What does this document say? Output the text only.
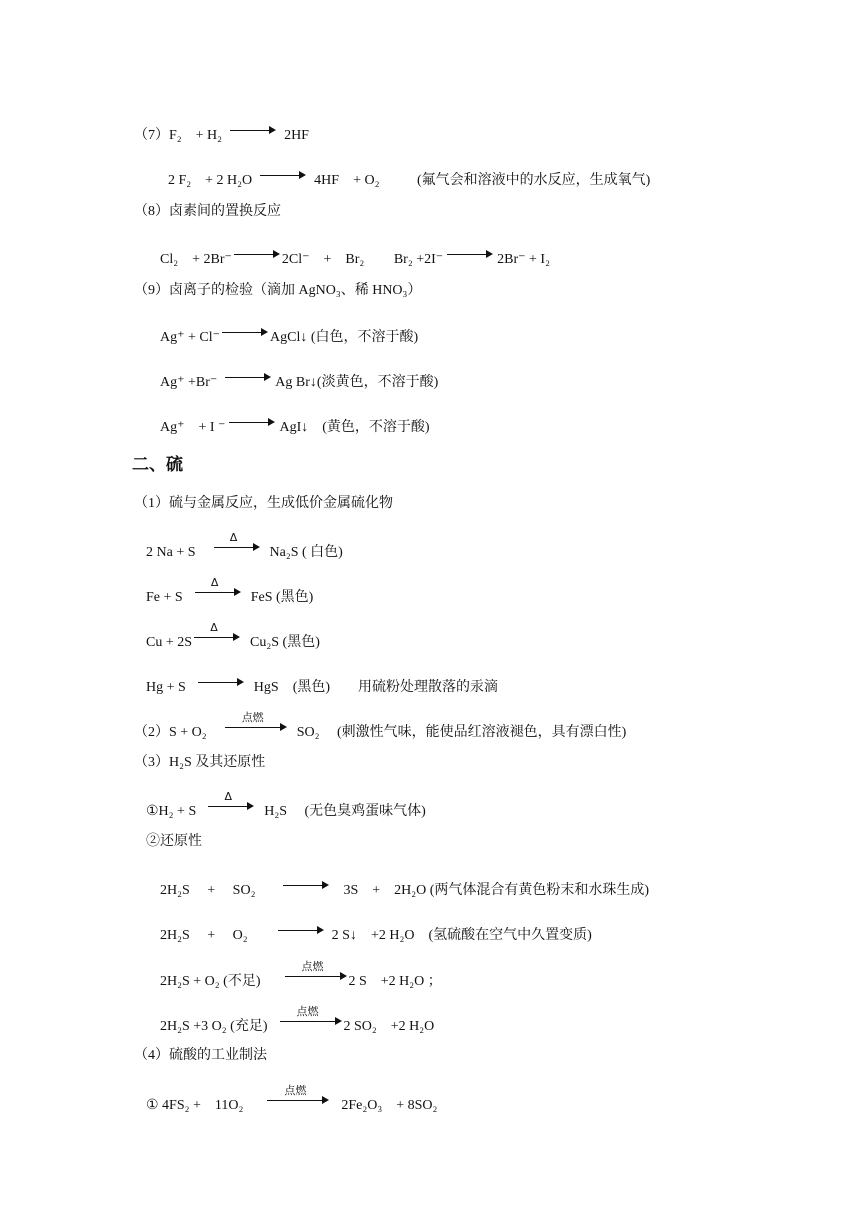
（7）F₂　+ H₂	2HF
2 F₂　+ 2 H₂O	4HF　+ O₂	(氟气会和溶液中的水反应，生成氧气)
（8）卤素间的置换反应
Cl₂　+ 2Br⁻	2Cl⁻　+　Br₂
Br₂ +2I⁻	2Br⁻ + I₂
（9）卤离子的检验（滴加 AgNO₃、稀 HNO₃）
Ag⁺ + Cl⁻	AgCl↓ (白色，不溶于酸)
Ag⁺ +Br⁻	Ag Br↓(淡黄色，不溶于酸)
Ag⁺　+ I ⁻	AgI↓　(黄色，不溶于酸)
二、硫
（1）硫与金属反应，生成低价金属硫化物
2 Na + S
Δ
Na₂S ( 白色)
Fe + S
Δ
FeS (黑色)
Cu + 2S
Δ
Cu₂S (黑色)
Hg + S	HgS　(黑色)　　用硫粉处理散落的汞滴
（2）S + O₂
点燃
SO₂　 (刺激性气味，能使品红溶液褪色，具有漂白性)
（3）H₂S 及其还原性
①H₂ + S
Δ
H₂S　 (无色臭鸡蛋味气体)
②还原性
2H₂S　 +　 SO₂	3S　+　2H₂O (两气体混合有黄色粉末和水珠生成)
2H₂S　 +　 O₂	2 S↓　+2 H₂O　(氢硫酸在空气中久置变质)
2H₂S + O₂ (不足)
点燃
2 S　+2 H₂O ；
2H₂S +3 O₂ (充足)
点燃
2 SO₂　+2 H₂O
（4）硫酸的工业制法
① 4FS₂ +　11O₂
点燃
2Fe₂O₃　+ 8SO₂
